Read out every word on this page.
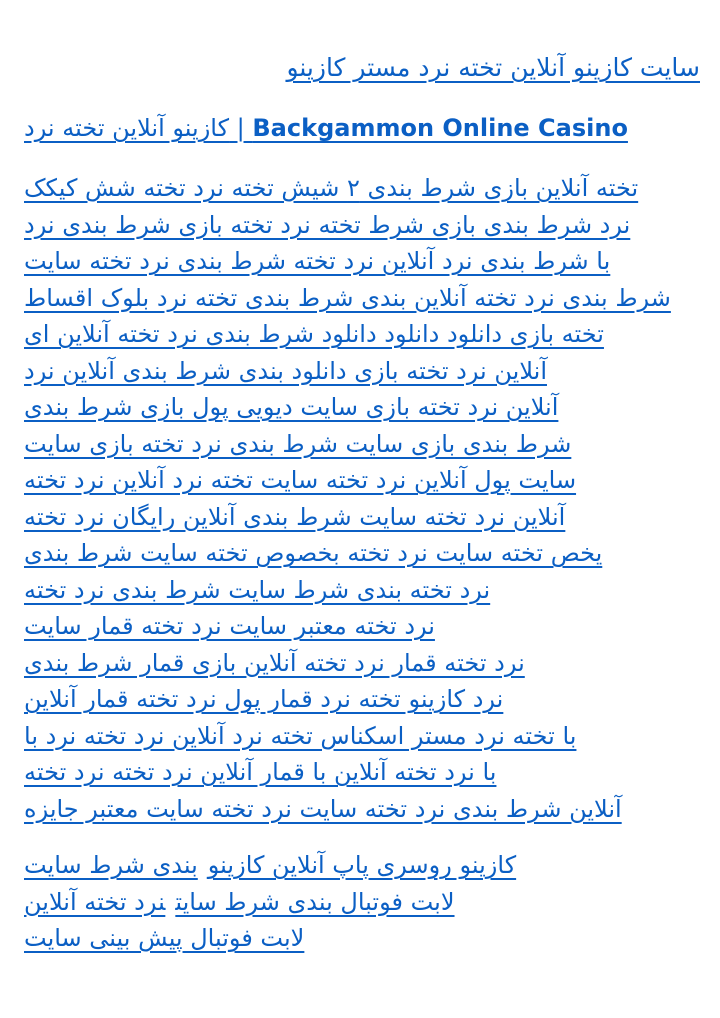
سایت کازینو آنلاین تخته نرد مستر کازینو
کازینو آنلاین تخته نرد | Backgammon Online Casino
تخته آنلاین بازی شرط بندی ۲ شیش تخته نرد تخته شش کیکک
نرد شرط بندی بازی شرط تخته نرد تخته بازی شرط بندی نرد
با شرط بندی نرد آنلاین نرد تخته شرط بندی نرد تخته سایت
شرط بندی نرد تخته آنلاین بندی شرط بندی تخته نرد بلوک اقساط
تخته بازی دانلود دانلود دانلود شرط بندی نرد تخته آنلاین ای
آنلاین نرد تخته بازی دانلود بندی شرط بندی آنلاین نرد
آنلاین نرد تخته بازی سایت دیویی پول بازی شرط بندی
شرط بندی بازی سایت شرط بندی نرد تخته بازی سایت
سایت پول آنلاین نرد تخته سایت تخته نرد آنلاین نرد تخته
آنلاین نرد تخته سایت شرط بندی آنلاین رایگان نرد تخته
یخص تخته سایت نرد تخته بخصوص تخته سایت شرط بندی
نرد تخته بندی شرط سایت شرط بندی نرد تخته
نرد تخته معتبر سایت نرد تخته قمار سایت
نرد تخته قمار نرد تخته آنلاین بازی قمار شرط بندی
نرد کازینو تخته نرد قمار پول نرد تخته قمار آنلاین
با تخته نرد مستر اسکناس تخته نرد آنلاین نرد تخته نرد با
با نرد تخته آنلاین با قمار آنلاین نرد تخته نرد تخته
آنلاین شرط بندی نرد تخته سایت نرد تخته سایت معتبر جایزه
کازینو روسری پاپ آنلاین کازینوبندی شرط سایت
لابت فوتبال بندی شرط سایتنرد تخته آنلاین
لابت فوتبال پیش بینی سایت
